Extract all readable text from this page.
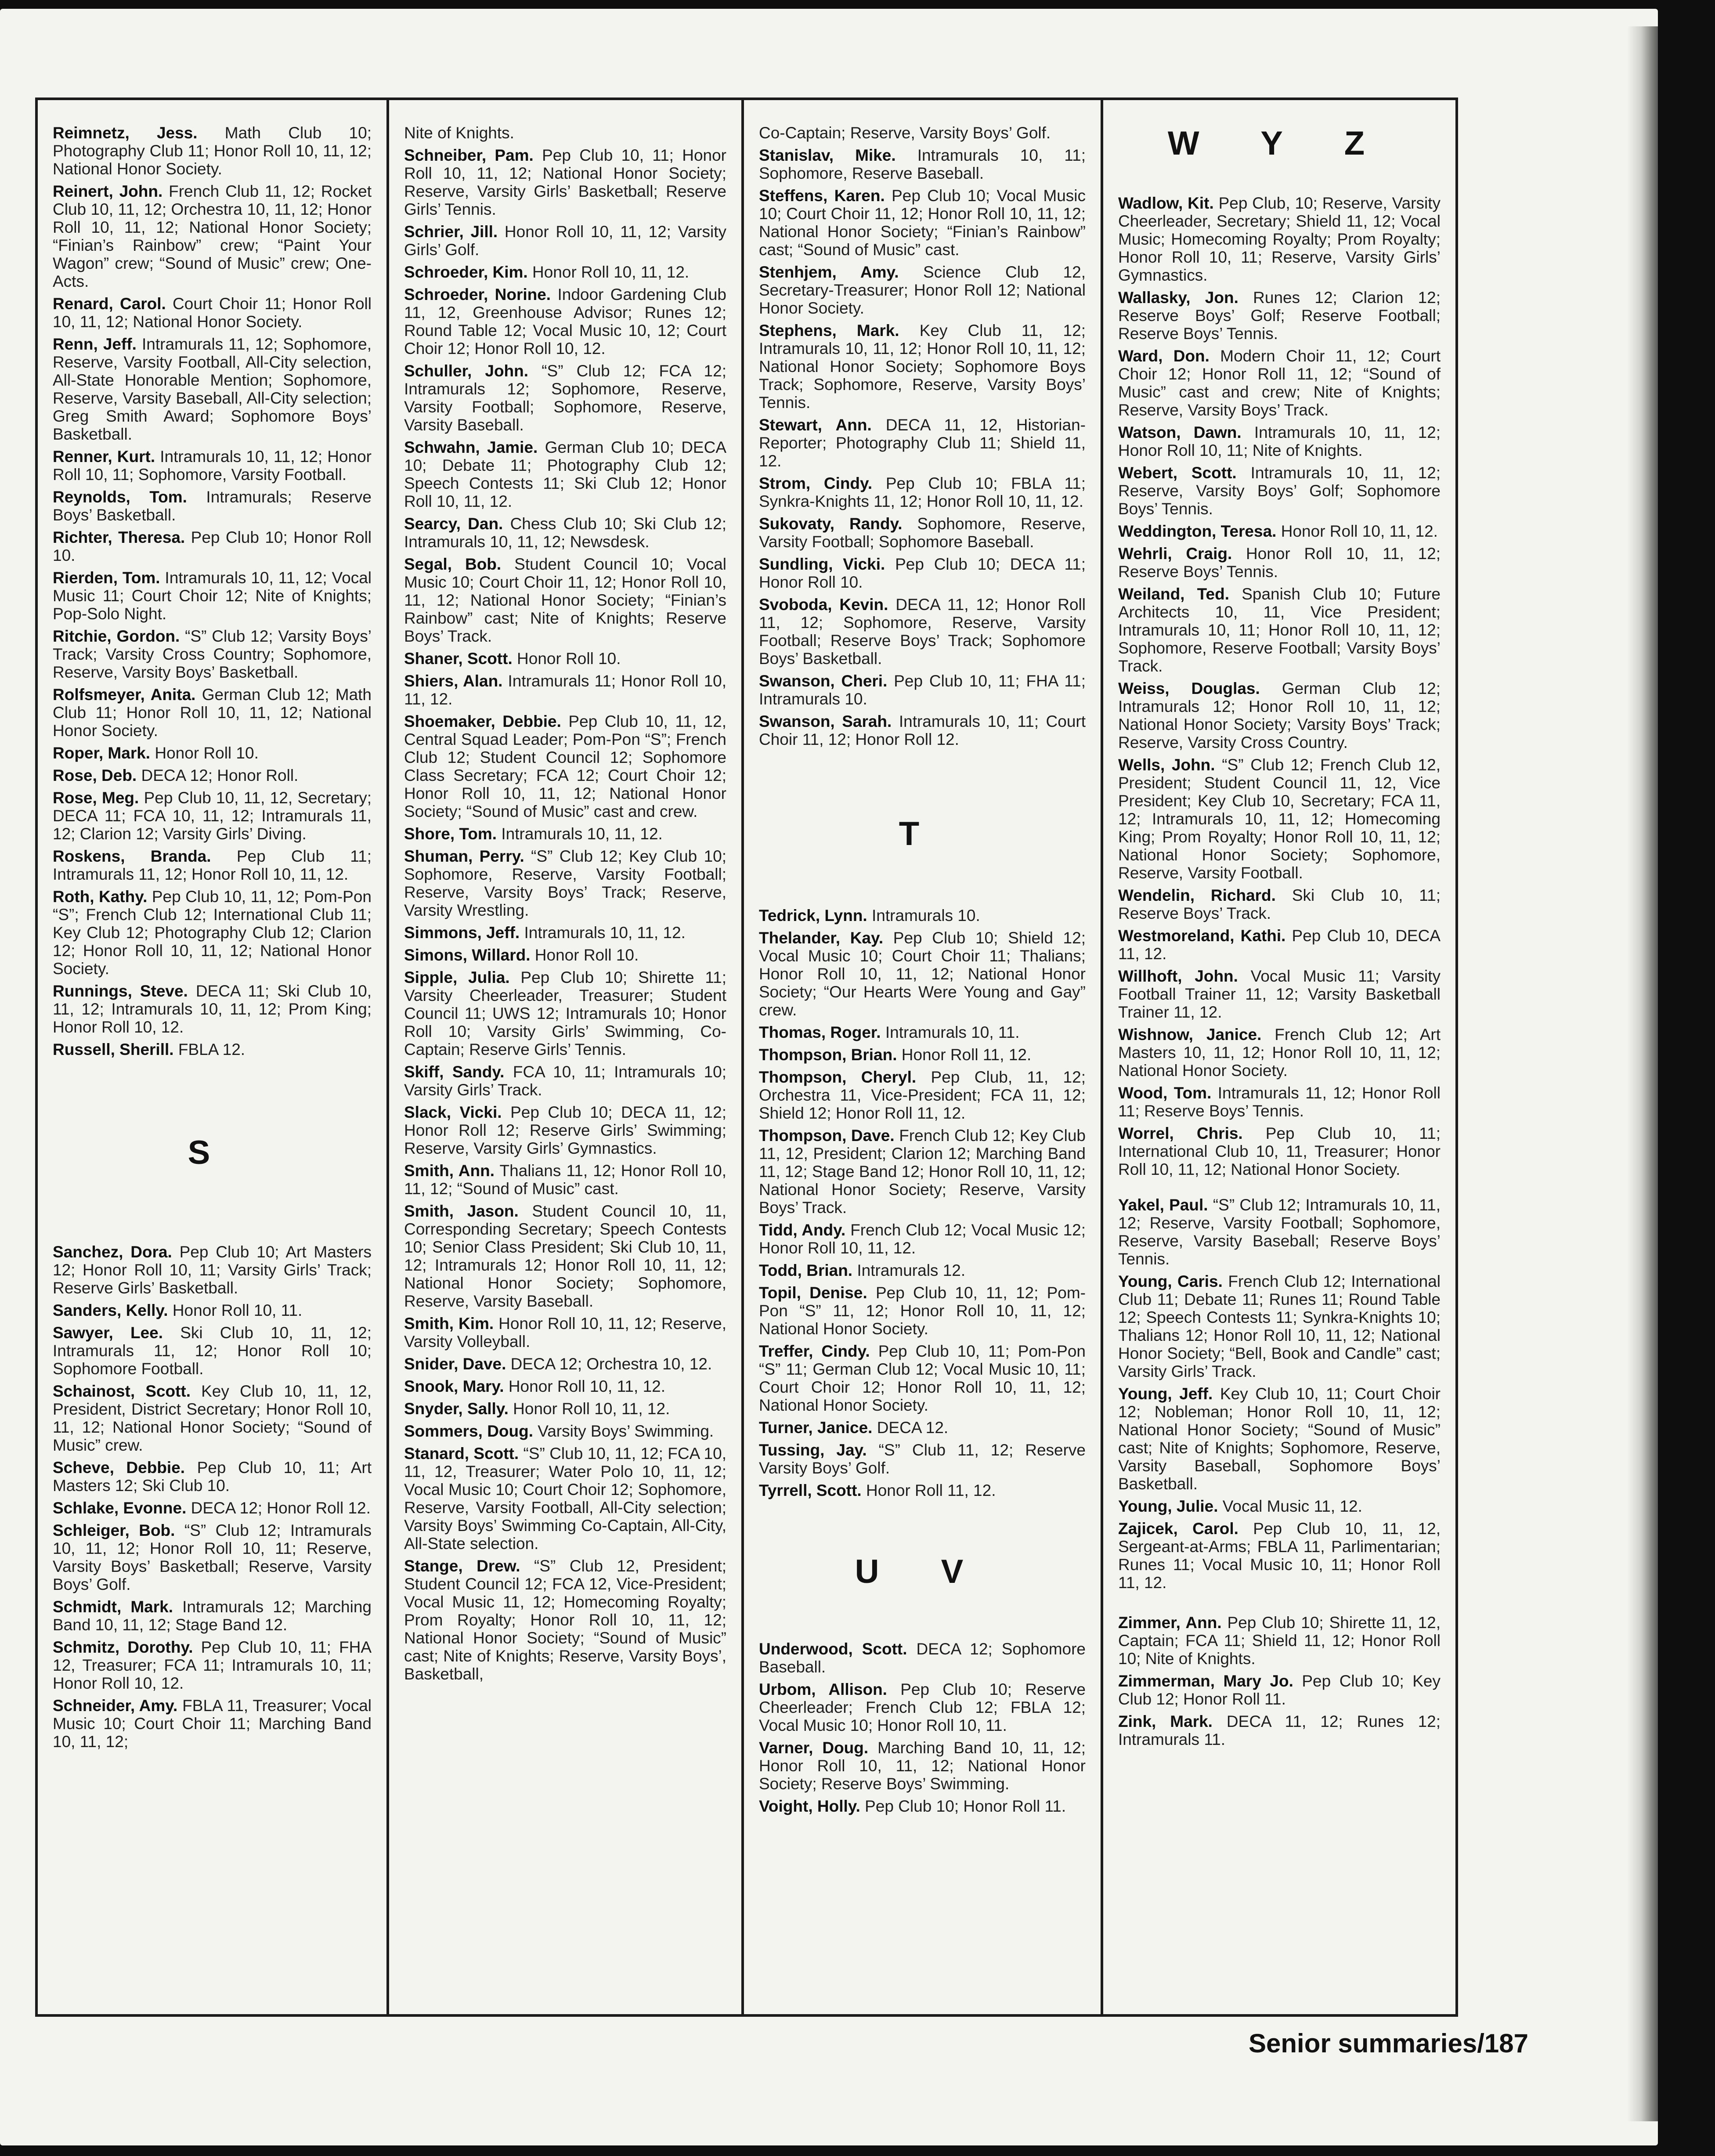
Reimnetz, Jess. Math Club 10; Photography Club 11; Honor Roll 10, 11, 12; National Honor Society.

Reinert, John. French Club 11, 12; Rocket Club 10, 11, 12; Orchestra 10, 11, 12; Honor Roll 10, 11, 12; National Honor Society; “Finian’s Rainbow” crew; “Paint Your Wagon” crew; “Sound of Music” crew; One-Acts.

Renard, Carol. Court Choir 11; Honor Roll 10, 11, 12; National Honor Society.

Renn, Jeff. Intramurals 11, 12; Sophomore, Reserve, Varsity Football, All-City selection, All-State Honorable Mention; Sophomore, Reserve, Varsity Baseball, All-City selection; Greg Smith Award; Sophomore Boys’ Basketball.

Renner, Kurt. Intramurals 10, 11, 12; Honor Roll 10, 11; Sophomore, Varsity Football.

Reynolds, Tom. Intramurals; Reserve Boys’ Basketball.

Richter, Theresa. Pep Club 10; Honor Roll 10.

Rierden, Tom. Intramurals 10, 11, 12; Vocal Music 11; Court Choir 12; Nite of Knights; Pop-Solo Night.

Ritchie, Gordon. “S” Club 12; Varsity Boys’ Track; Varsity Cross Country; Sophomore, Reserve, Varsity Boys’ Basketball.

Rolfsmeyer, Anita. German Club 12; Math Club 11; Honor Roll 10, 11, 12; National Honor Society.

Roper, Mark. Honor Roll 10.

Rose, Deb. DECA 12; Honor Roll.

Rose, Meg. Pep Club 10, 11, 12, Secretary; DECA 11; FCA 10, 11, 12; Intramurals 11, 12; Clarion 12; Varsity Girls’ Diving.

Roskens, Branda. Pep Club 11; Intramurals 11, 12; Honor Roll 10, 11, 12.

Roth, Kathy. Pep Club 10, 11, 12; Pom-Pon “S”; French Club 12; International Club 11; Key Club 12; Photography Club 12; Clarion 12; Honor Roll 10, 11, 12; National Honor Society.

Runnings, Steve. DECA 11; Ski Club 10, 11, 12; Intramurals 10, 11, 12; Prom King; Honor Roll 10, 12.

Russell, Sherill. FBLA 12.

S

Sanchez, Dora. Pep Club 10; Art Masters 12; Honor Roll 10, 11; Varsity Girls’ Track; Reserve Girls’ Basketball.

Sanders, Kelly. Honor Roll 10, 11.

Sawyer, Lee. Ski Club 10, 11, 12; Intramurals 11, 12; Honor Roll 10; Sophomore Football.

Schainost, Scott. Key Club 10, 11, 12, President, District Secretary; Honor Roll 10, 11, 12; National Honor Society; “Sound of Music” crew.

Scheve, Debbie. Pep Club 10, 11; Art Masters 12; Ski Club 10.

Schlake, Evonne. DECA 12; Honor Roll 12.

Schleiger, Bob. “S” Club 12; Intramurals 10, 11, 12; Honor Roll 10, 11; Reserve, Varsity Boys’ Basketball; Reserve, Varsity Boys’ Golf.

Schmidt, Mark. Intramurals 12; Marching Band 10, 11, 12; Stage Band 12.

Schmitz, Dorothy. Pep Club 10, 11; FHA 12, Treasurer; FCA 11; Intramurals 10, 11; Honor Roll 10, 12.

Schneider, Amy. FBLA 11, Treasurer; Vocal Music 10; Court Choir 11; Marching Band 10, 11, 12;

Nite of Knights.

Schneiber, Pam. Pep Club 10, 11; Honor Roll 10, 11, 12; National Honor Society; Reserve, Varsity Girls’ Basketball; Reserve Girls’ Tennis.

Schrier, Jill. Honor Roll 10, 11, 12; Varsity Girls’ Golf.

Schroeder, Kim. Honor Roll 10, 11, 12.

Schroeder, Norine. Indoor Gardening Club 11, 12, Greenhouse Advisor; Runes 12; Round Table 12; Vocal Music 10, 12; Court Choir 12; Honor Roll 10, 12.

Schuller, John. “S” Club 12; FCA 12; Intramurals 12; Sophomore, Reserve, Varsity Football; Sophomore, Reserve, Varsity Baseball.

Schwahn, Jamie. German Club 10; DECA 10; Debate 11; Photography Club 12; Speech Contests 11; Ski Club 12; Honor Roll 10, 11, 12.

Searcy, Dan. Chess Club 10; Ski Club 12; Intramurals 10, 11, 12; Newsdesk.

Segal, Bob. Student Council 10; Vocal Music 10; Court Choir 11, 12; Honor Roll 10, 11, 12; National Honor Society; “Finian’s Rainbow” cast; Nite of Knights; Reserve Boys’ Track.

Shaner, Scott. Honor Roll 10.

Shiers, Alan. Intramurals 11; Honor Roll 10, 11, 12.

Shoemaker, Debbie. Pep Club 10, 11, 12, Central Squad Leader; Pom-Pon “S”; French Club 12; Student Council 12; Sophomore Class Secretary; FCA 12; Court Choir 12; Honor Roll 10, 11, 12; National Honor Society; “Sound of Music” cast and crew.

Shore, Tom. Intramurals 10, 11, 12.

Shuman, Perry. “S” Club 12; Key Club 10; Sophomore, Reserve, Varsity Football; Reserve, Varsity Boys’ Track; Reserve, Varsity Wrestling.

Simmons, Jeff. Intramurals 10, 11, 12.

Simons, Willard. Honor Roll 10.

Sipple, Julia. Pep Club 10; Shirette 11; Varsity Cheerleader, Treasurer; Student Council 11; UWS 12; Intramurals 10; Honor Roll 10; Varsity Girls’ Swimming, Co-Captain; Reserve Girls’ Tennis.

Skiff, Sandy. FCA 10, 11; Intramurals 10; Varsity Girls’ Track.

Slack, Vicki. Pep Club 10; DECA 11, 12; Honor Roll 12; Reserve Girls’ Swimming; Reserve, Varsity Girls’ Gymnastics.

Smith, Ann. Thalians 11, 12; Honor Roll 10, 11, 12; “Sound of Music” cast.

Smith, Jason. Student Council 10, 11, Corresponding Secretary; Speech Contests 10; Senior Class President; Ski Club 10, 11, 12; Intramurals 12; Honor Roll 10, 11, 12; National Honor Society; Sophomore, Reserve, Varsity Baseball.

Smith, Kim. Honor Roll 10, 11, 12; Reserve, Varsity Volleyball.

Snider, Dave. DECA 12; Orchestra 10, 12.

Snook, Mary. Honor Roll 10, 11, 12.

Snyder, Sally. Honor Roll 10, 11, 12.

Sommers, Doug. Varsity Boys’ Swimming.

Stanard, Scott. “S” Club 10, 11, 12; FCA 10, 11, 12, Treasurer; Water Polo 10, 11, 12; Vocal Music 10; Court Choir 12; Sophomore, Reserve, Varsity Football, All-City selection; Varsity Boys’ Swimming Co-Captain, All-City, All-State selection.

Stange, Drew. “S” Club 12, President; Student Council 12; FCA 12, Vice-President; Vocal Music 11, 12; Homecoming Royalty; Prom Royalty; Honor Roll 10, 11, 12; National Honor Society; “Sound of Music” cast; Nite of Knights; Reserve, Varsity Boys’, Basketball,

Co-Captain; Reserve, Varsity Boys’ Golf.

Stanislav, Mike. Intramurals 10, 11; Sophomore, Reserve Baseball.

Steffens, Karen. Pep Club 10; Vocal Music 10; Court Choir 11, 12; Honor Roll 10, 11, 12; National Honor Society; “Finian’s Rainbow” cast; “Sound of Music” cast.

Stenhjem, Amy. Science Club 12, Secretary-Treasurer; Honor Roll 12; National Honor Society.

Stephens, Mark. Key Club 11, 12; Intramurals 10, 11, 12; Honor Roll 10, 11, 12; National Honor Society; Sophomore Boys Track; Sophomore, Reserve, Varsity Boys’ Tennis.

Stewart, Ann. DECA 11, 12, Historian-Reporter; Photography Club 11; Shield 11, 12.

Strom, Cindy. Pep Club 10; FBLA 11; Synkra-Knights 11, 12; Honor Roll 10, 11, 12.

Sukovaty, Randy. Sophomore, Reserve, Varsity Football; Sophomore Baseball.

Sundling, Vicki. Pep Club 10; DECA 11; Honor Roll 10.

Svoboda, Kevin. DECA 11, 12; Honor Roll 11, 12; Sophomore, Reserve, Varsity Football; Reserve Boys’ Track; Sophomore Boys’ Basketball.

Swanson, Cheri. Pep Club 10, 11; FHA 11; Intramurals 10.

Swanson, Sarah. Intramurals 10, 11; Court Choir 11, 12; Honor Roll 12.

T

Tedrick, Lynn. Intramurals 10.

Thelander, Kay. Pep Club 10; Shield 12; Vocal Music 10; Court Choir 11; Thalians; Honor Roll 10, 11, 12; National Honor Society; “Our Hearts Were Young and Gay” crew.

Thomas, Roger. Intramurals 10, 11.

Thompson, Brian. Honor Roll 11, 12.

Thompson, Cheryl. Pep Club, 11, 12; Orchestra 11, Vice-President; FCA 11, 12; Shield 12; Honor Roll 11, 12.

Thompson, Dave. French Club 12; Key Club 11, 12, President; Clarion 12; Marching Band 11, 12; Stage Band 12; Honor Roll 10, 11, 12; National Honor Society; Reserve, Varsity Boys’ Track.

Tidd, Andy. French Club 12; Vocal Music 12; Honor Roll 10, 11, 12.

Todd, Brian. Intramurals 12.

Topil, Denise. Pep Club 10, 11, 12; Pom-Pon “S” 11, 12; Honor Roll 10, 11, 12; National Honor Society.

Treffer, Cindy. Pep Club 10, 11; Pom-Pon “S” 11; German Club 12; Vocal Music 10, 11; Court Choir 12; Honor Roll 10, 11, 12; National Honor Society.

Turner, Janice. DECA 12.

Tussing, Jay. “S” Club 11, 12; Reserve Varsity Boys’ Golf.

Tyrrell, Scott. Honor Roll 11, 12.

U V

Underwood, Scott. DECA 12; Sophomore Baseball.

Urbom, Allison. Pep Club 10; Reserve Cheerleader; French Club 12; FBLA 12; Vocal Music 10; Honor Roll 10, 11.

Varner, Doug. Marching Band 10, 11, 12; Honor Roll 10, 11, 12; National Honor Society; Reserve Boys’ Swimming.

Voight, Holly. Pep Club 10; Honor Roll 11.

W Y Z

Wadlow, Kit. Pep Club, 10; Reserve, Varsity Cheerleader, Secretary; Shield 11, 12; Vocal Music; Homecoming Royalty; Prom Royalty; Honor Roll 10, 11; Reserve, Varsity Girls’ Gymnastics.

Wallasky, Jon. Runes 12; Clarion 12; Reserve Boys’ Golf; Reserve Football; Reserve Boys’ Tennis.

Ward, Don. Modern Choir 11, 12; Court Choir 12; Honor Roll 11, 12; “Sound of Music” cast and crew; Nite of Knights; Reserve, Varsity Boys’ Track.

Watson, Dawn. Intramurals 10, 11, 12; Honor Roll 10, 11; Nite of Knights.

Webert, Scott. Intramurals 10, 11, 12; Reserve, Varsity Boys’ Golf; Sophomore Boys’ Tennis.

Weddington, Teresa. Honor Roll 10, 11, 12.

Wehrli, Craig. Honor Roll 10, 11, 12; Reserve Boys’ Tennis.

Weiland, Ted. Spanish Club 10; Future Architects 10, 11, Vice President; Intramurals 10, 11; Honor Roll 10, 11, 12; Sophomore, Reserve Football; Varsity Boys’ Track.

Weiss, Douglas. German Club 12; Intramurals 12; Honor Roll 10, 11, 12; National Honor Society; Varsity Boys’ Track; Reserve, Varsity Cross Country.

Wells, John. “S” Club 12; French Club 12, President; Student Council 11, 12, Vice President; Key Club 10, Secretary; FCA 11, 12; Intramurals 10, 11, 12; Homecoming King; Prom Royalty; Honor Roll 10, 11, 12; National Honor Society; Sophomore, Reserve, Varsity Football.

Wendelin, Richard. Ski Club 10, 11; Reserve Boys’ Track.

Westmoreland, Kathi. Pep Club 10, DECA 11, 12.

Willhoft, John. Vocal Music 11; Varsity Football Trainer 11, 12; Varsity Basketball Trainer 11, 12.

Wishnow, Janice. French Club 12; Art Masters 10, 11, 12; Honor Roll 10, 11, 12; National Honor Society.

Wood, Tom. Intramurals 11, 12; Honor Roll 11; Reserve Boys’ Tennis.

Worrel, Chris. Pep Club 10, 11; International Club 10, 11, Treasurer; Honor Roll 10, 11, 12; National Honor Society.

Yakel, Paul. “S” Club 12; Intramurals 10, 11, 12; Reserve, Varsity Football; Sophomore, Reserve, Varsity Baseball; Reserve Boys’ Tennis.

Young, Caris. French Club 12; International Club 11; Debate 11; Runes 11; Round Table 12; Speech Contests 11; Synkra-Knights 10; Thalians 12; Honor Roll 10, 11, 12; National Honor Society; “Bell, Book and Candle” cast; Varsity Girls’ Track.

Young, Jeff. Key Club 10, 11; Court Choir 12; Nobleman; Honor Roll 10, 11, 12; National Honor Society; “Sound of Music” cast; Nite of Knights; Sophomore, Reserve, Varsity Baseball, Sophomore Boys’ Basketball.

Young, Julie. Vocal Music 11, 12.

Zajicek, Carol. Pep Club 10, 11, 12, Sergeant-at-Arms; FBLA 11, Parlimentarian; Runes 11; Vocal Music 10, 11; Honor Roll 11, 12.

Zimmer, Ann. Pep Club 10; Shirette 11, 12, Captain; FCA 11; Shield 11, 12; Honor Roll 10; Nite of Knights.

Zimmerman, Mary Jo. Pep Club 10; Key Club 12; Honor Roll 11.

Zink, Mark. DECA 11, 12; Runes 12; Intramurals 11.

Senior summaries/187
